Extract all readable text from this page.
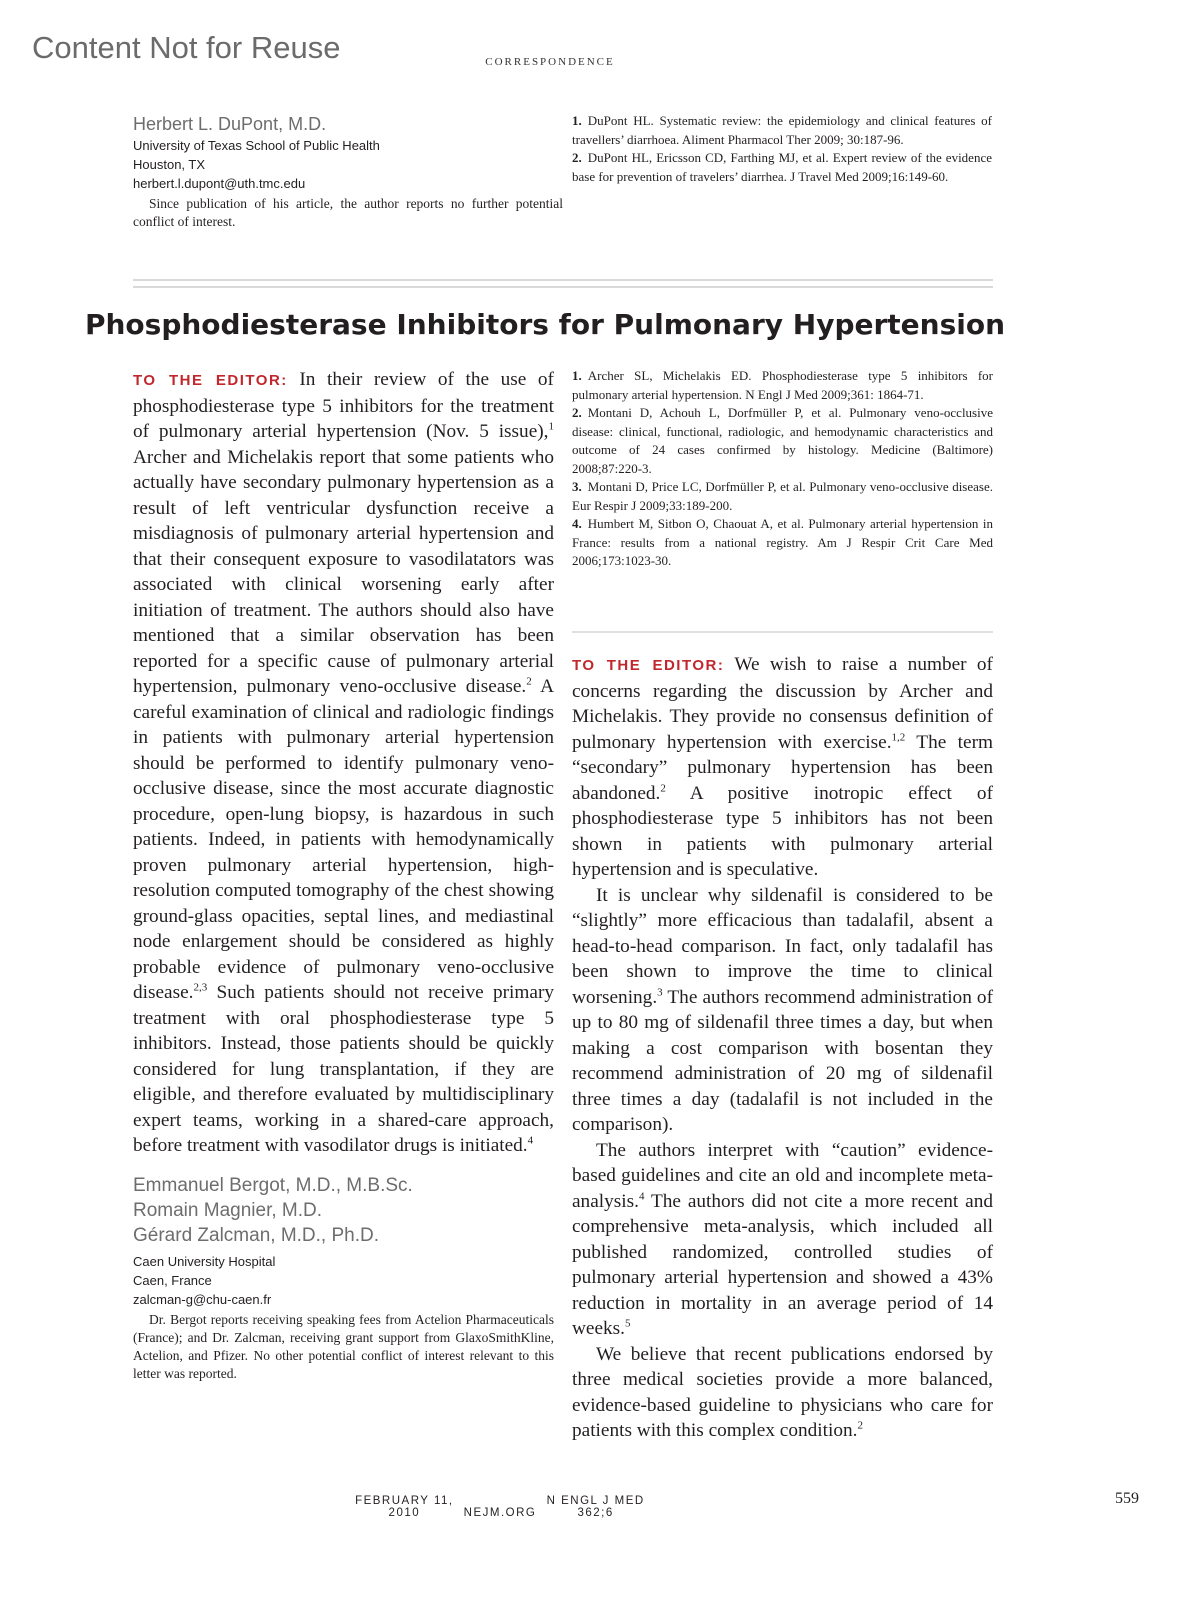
Content Not for Reuse	correspondence
Herbert L. DuPont, M.D.
University of Texas School of Public Health
Houston, TX
herbert.l.dupont@uth.tmc.edu
Since publication of his article, the author reports no further potential conflict of interest.

1. DuPont HL. Systematic review: the epidemiology and clinical features of travellers’ diarrhoea. Aliment Pharmacol Ther 2009; 30:187-96.

2. DuPont HL, Ericsson CD, Farthing MJ, et al. Expert review of the evidence base for prevention of travelers’ diarrhea. J Travel Med 2009;16:149-60.

Phosphodiesterase Inhibitors for Pulmonary Hypertension

TO THE EDITOR: In their review of the use of phosphodiesterase type 5 inhibitors for the treatment of pulmonary arterial hypertension (Nov. 5 issue),$^1$ Archer and Michelakis report that some patients who actually have secondary pulmonary hypertension as a result of left ventricular dysfunction receive a misdiagnosis of pulmonary arterial hypertension and that their consequent exposure to vasodilatators was associated with clinical worsening early after initiation of treatment. The authors should also have mentioned that a similar observation has been reported for a specific cause of pulmonary arterial hypertension, pulmonary veno-occlusive disease.$^2$ A careful examination of clinical and radiologic findings in patients with pulmonary arterial hypertension should be performed to identify pulmonary veno-occlusive disease, since the most accurate diagnostic procedure, open-lung biopsy, is hazardous in such patients. Indeed, in patients with hemodynamically proven pulmonary arterial hypertension, high-resolution computed tomography of the chest showing ground-glass opacities, septal lines, and mediastinal node enlargement should be considered as highly probable evidence of pulmonary veno-occlusive disease.$^{2,3}$ Such patients should not receive primary treatment with oral phosphodiesterase type 5 inhibitors. Instead, those patients should be quickly considered for lung transplantation, if they are eligible, and therefore evaluated by multidisciplinary expert teams, working in a shared-care approach, before treatment with vasodilator drugs is initiated.$^4$

Emmanuel Bergot, M.D., M.B.Sc.
Romain Magnier, M.D.
Gérard Zalcman, M.D., Ph.D.
Caen University Hospital
Caen, France
zalcman-g@chu-caen.fr
Dr. Bergot reports receiving speaking fees from Actelion Pharmaceuticals (France); and Dr. Zalcman, receiving grant support from GlaxoSmithKline, Actelion, and Pfizer. No other potential conflict of interest relevant to this letter was reported.

1. Archer SL, Michelakis ED. Phosphodiesterase type 5 inhibitors for pulmonary arterial hypertension. N Engl J Med 2009;361: 1864-71.

2. Montani D, Achouh L, Dorfmüller P, et al. Pulmonary veno-occlusive disease: clinical, functional, radiologic, and hemodynamic characteristics and outcome of 24 cases confirmed by histology. Medicine (Baltimore) 2008;87:220-3.

3. Montani D, Price LC, Dorfmüller P, et al. Pulmonary veno-occlusive disease. Eur Respir J 2009;33:189-200.

4. Humbert M, Sitbon O, Chaouat A, et al. Pulmonary arterial hypertension in France: results from a national registry. Am J Respir Crit Care Med 2006;173:1023-30.

TO THE EDITOR: We wish to raise a number of concerns regarding the discussion by Archer and Michelakis. They provide no consensus definition of pulmonary hypertension with exercise.$^{1,2}$ The term “secondary” pulmonary hypertension has been abandoned.$^2$ A positive inotropic effect of phosphodiesterase type 5 inhibitors has not been shown in patients with pulmonary arterial hypertension and is speculative.

It is unclear why sildenafil is considered to be “slightly” more efficacious than tadalafil, absent a head-to-head comparison. In fact, only tadalafil has been shown to improve the time to clinical worsening.$^3$ The authors recommend administration of up to 80 mg of sildenafil three times a day, but when making a cost comparison with bosentan they recommend administration of 20 mg of sildenafil three times a day (tadalafil is not included in the comparison).

The authors interpret with “caution” evidence-based guidelines and cite an old and incomplete meta-analysis.$^4$ The authors did not cite a more recent and comprehensive meta-analysis, which included all published randomized, controlled studies of pulmonary arterial hypertension and showed a 43% reduction in mortality in an average period of 14 weeks.$^5$

We believe that recent publications endorsed by three medical societies provide a more balanced, evidence-based guideline to physicians who care for patients with this complex condition.$^2$

N ENGL J MED 362;6NEJM.ORGFEBRUARY 11, 2010
559
